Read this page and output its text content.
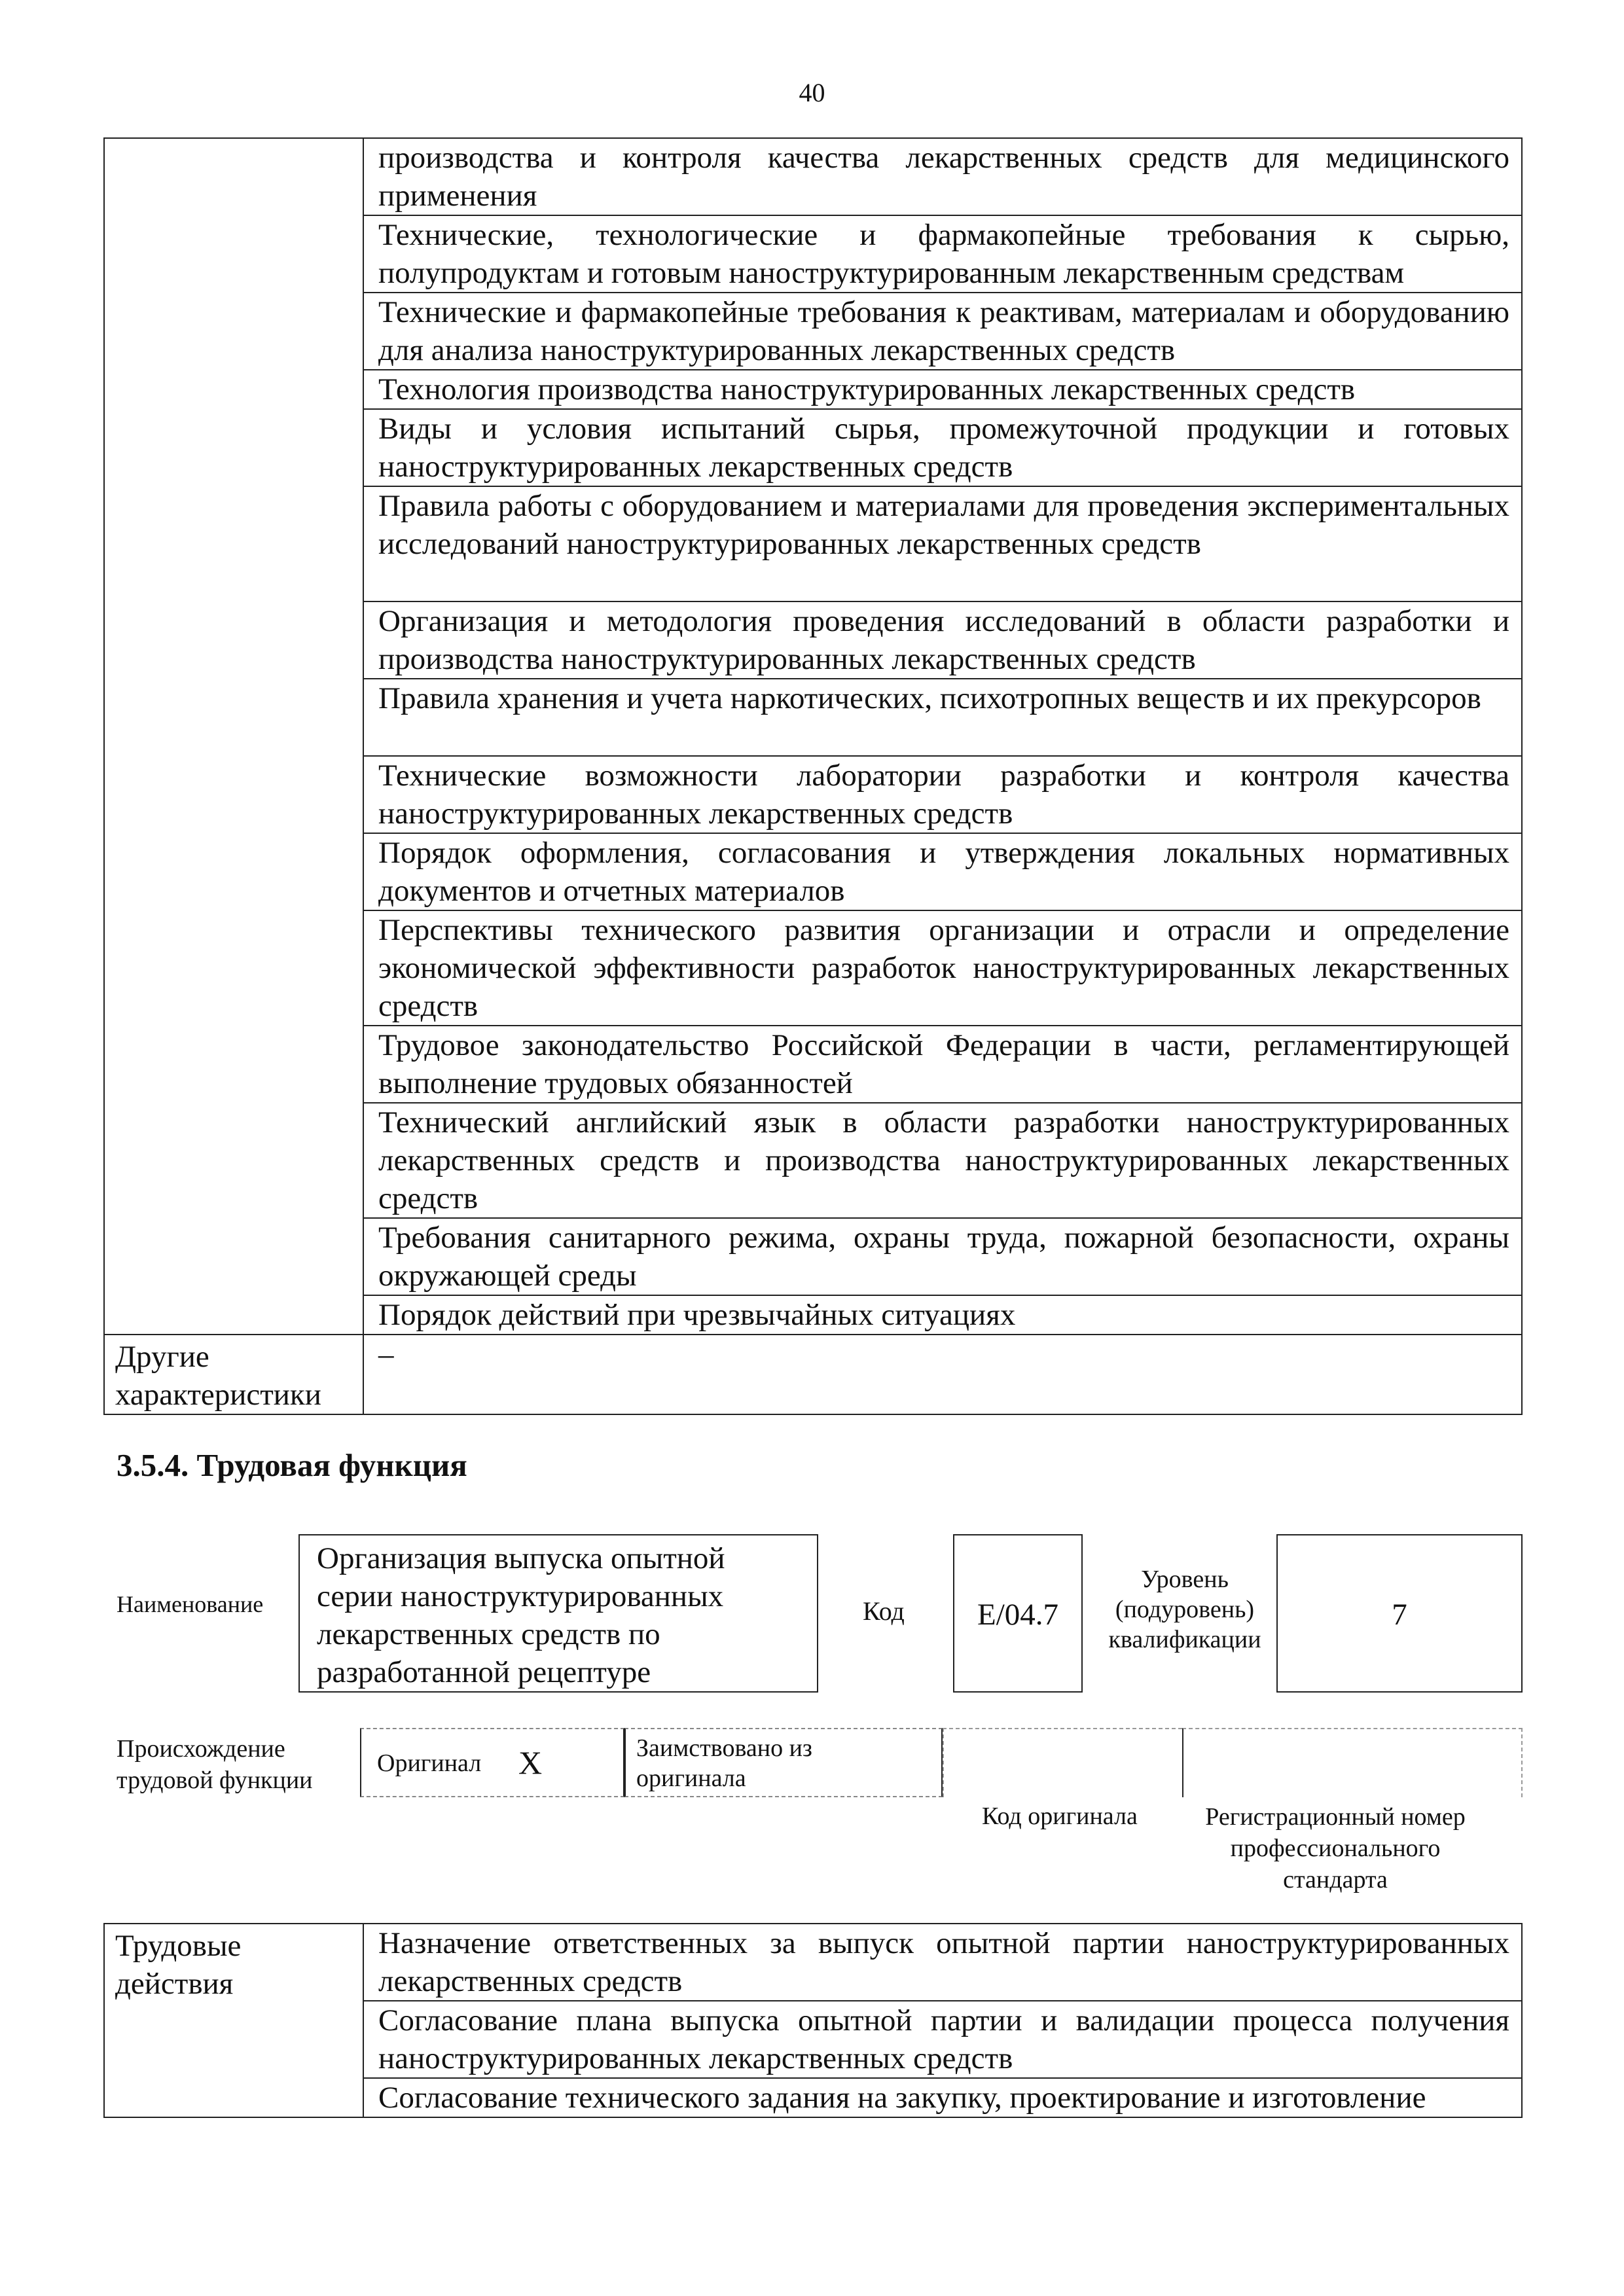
40

	производства и контроля качества лекарственных средств для медицинского применения

	Технические, технологические и фармакопейные требования к сырью, полупродуктам и готовым наноструктурированным лекарственным средствам

	Технические и фармакопейные требования к реактивам, материалам и оборудованию для анализа наноструктурированных лекарственных средств

	Технология производства наноструктурированных лекарственных средств

	Виды и условия испытаний сырья, промежуточной продукции и готовых наноструктурированных лекарственных средств

	Правила работы с оборудованием и материалами для проведения экспериментальных исследований наноструктурированных лекарственных средств

	Организация и методология проведения исследований в области разработки и производства наноструктурированных лекарственных средств

	Правила хранения и учета наркотических, психотропных веществ и их прекурсоров

	Технические возможности лаборатории разработки и контроля качества наноструктурированных лекарственных средств

	Порядок оформления, согласования и утверждения локальных нормативных документов и отчетных материалов

	Перспективы технического развития организации и отрасли и определение экономической эффективности разработок наноструктурированных лекарственных средств

	Трудовое законодательство Российской Федерации в части, регламентирующей выполнение трудовых обязанностей

	Технический английский язык в области разработки наноструктурированных лекарственных средств и производства наноструктурированных лекарственных средств

	Требования санитарного режима, охраны труда, пожарной безопасности, охраны окружающей среды

	Порядок действий при чрезвычайных ситуациях

Другие характеристики	–
3.5.4. Трудовая функция
Наименование
Организация выпуска опытной серии наноструктурированных лекарственных средств по разработанной рецептуре
Код	E/04.7
Уровень (подуровень) квалификации
7
Происхождение трудовой функции
Оригинал X	Заимствовано из оригинала
Код оригинала	Регистрационный номер профессионального стандарта
Трудовые действия

Назначение ответственных за выпуск опытной партии наноструктурированных лекарственных средств

Согласование плана выпуска опытной партии и валидации процесса получения наноструктурированных лекарственных средств

Согласование технического задания на закупку, проектирование и изготовление
